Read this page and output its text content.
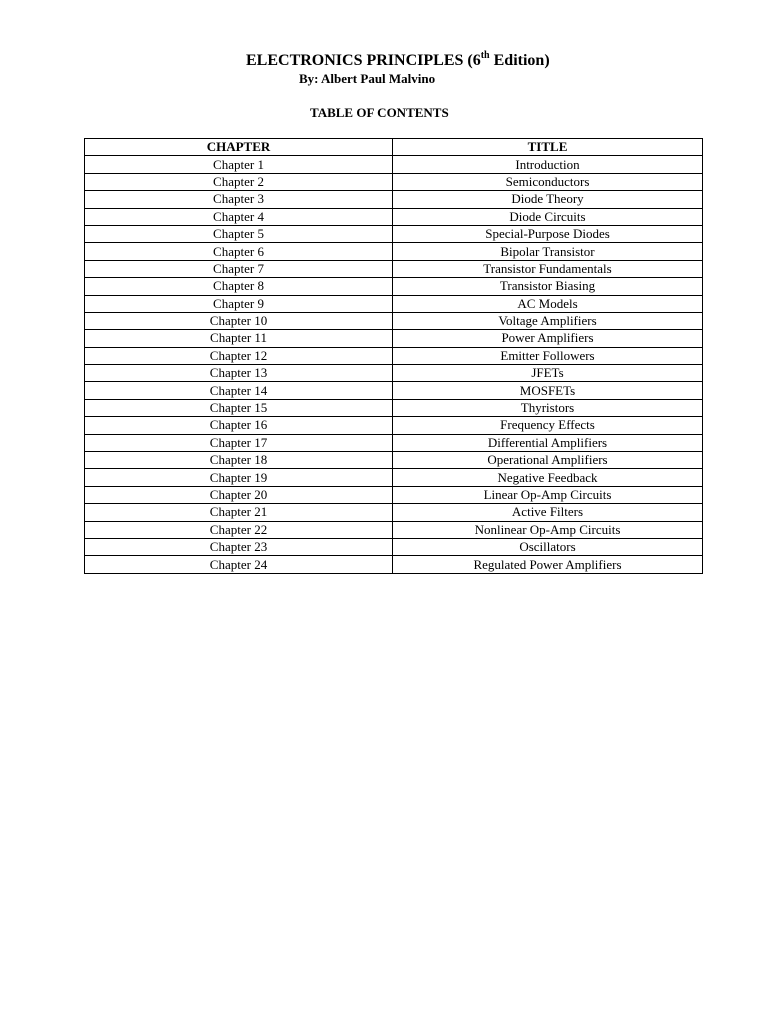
ELECTRONICS PRINCIPLES (6th Edition)
By: Albert Paul Malvino
TABLE OF CONTENTS
CHAPTER	TITLE
Chapter 1	Introduction
Chapter 2	Semiconductors
Chapter 3	Diode Theory
Chapter 4	Diode Circuits
Chapter 5	Special-Purpose Diodes
Chapter 6	Bipolar Transistor
Chapter 7	Transistor Fundamentals
Chapter 8	Transistor Biasing
Chapter 9	AC Models
Chapter 10	Voltage Amplifiers
Chapter 11	Power Amplifiers
Chapter 12	Emitter Followers
Chapter 13	JFETs
Chapter 14	MOSFETs
Chapter 15	Thyristors
Chapter 16	Frequency Effects
Chapter 17	Differential Amplifiers
Chapter 18	Operational Amplifiers
Chapter 19	Negative Feedback
Chapter 20	Linear Op-Amp Circuits
Chapter 21	Active Filters
Chapter 22	Nonlinear Op-Amp Circuits
Chapter 23	Oscillators
Chapter 24	Regulated Power Amplifiers
